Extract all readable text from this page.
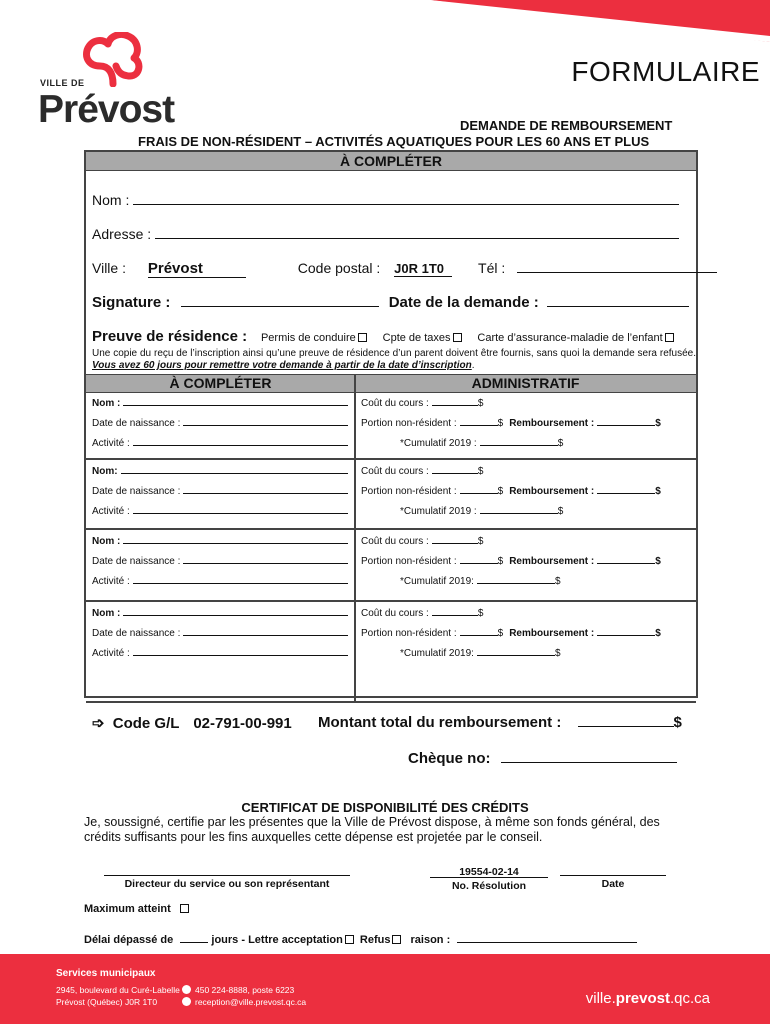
VILLE DE
Prévost
FORMULAIRE
DEMANDE DE REMBOURSEMENT
FRAIS DE NON-RÉSIDENT – ACTIVITÉS AQUATIQUES POUR LES 60 ANS ET PLUS
À COMPLÉTER
Nom :
Adresse :
Ville : Prévost	Code postal : J0R 1T0 Tél :
Signature :	Date de la demande :
Preuve de résidence : Permis de conduire Cpte de taxes Carte d’assurance-maladie de l’enfant
Une copie du reçu de l’inscription ainsi qu’une preuve de résidence d’un parent doivent être fournis, sans quoi la demande sera refusée. Vous avez 60 jours pour remettre votre demande à partir de la date d’inscription.
À COMPLÉTER	ADMINISTRATIF
Nom :
Date de naissance :
Activité :
Coût du cours :	$
Portion non-résident :	$ Remboursement :	$
*Cumulatif 2019 :	$
Nom:
Date de naissance :
Activité :
Coût du cours :	$
Portion non-résident :	$ Remboursement :	$
*Cumulatif 2019 :	$
Nom :
Date de naissance :
Activité :
Coût du cours :	$
Portion non-résident :	$ Remboursement :	$
*Cumulatif 2019:	$
Nom :
Date de naissance :
Activité :
Coût du cours :	$
Portion non-résident :	$ Remboursement :	$
*Cumulatif 2019:	$
➩ Code G/L 02-791-00-991 Montant total du remboursement :	$
Chèque no:
CERTIFICAT DE DISPONIBILITÉ DES CRÉDITS
Je, soussigné, certifie par les présentes que la Ville de Prévost dispose, à même son fonds général, des crédits suffisants pour les fins auxquelles cette dépense est projetée par le conseil.
Directeur du service ou son représentant
19554-02-14
No. Résolution	Date
Maximum atteint
Délai dépassé de	jours - Lettre acceptation Refus raison :
Services municipaux
2945, boulevard du Curé-Labelle
Prévost (Québec) J0R 1T0
450 224-8888, poste 6223
reception@ville.prevost.qc.ca	ville.prevost.qc.ca
